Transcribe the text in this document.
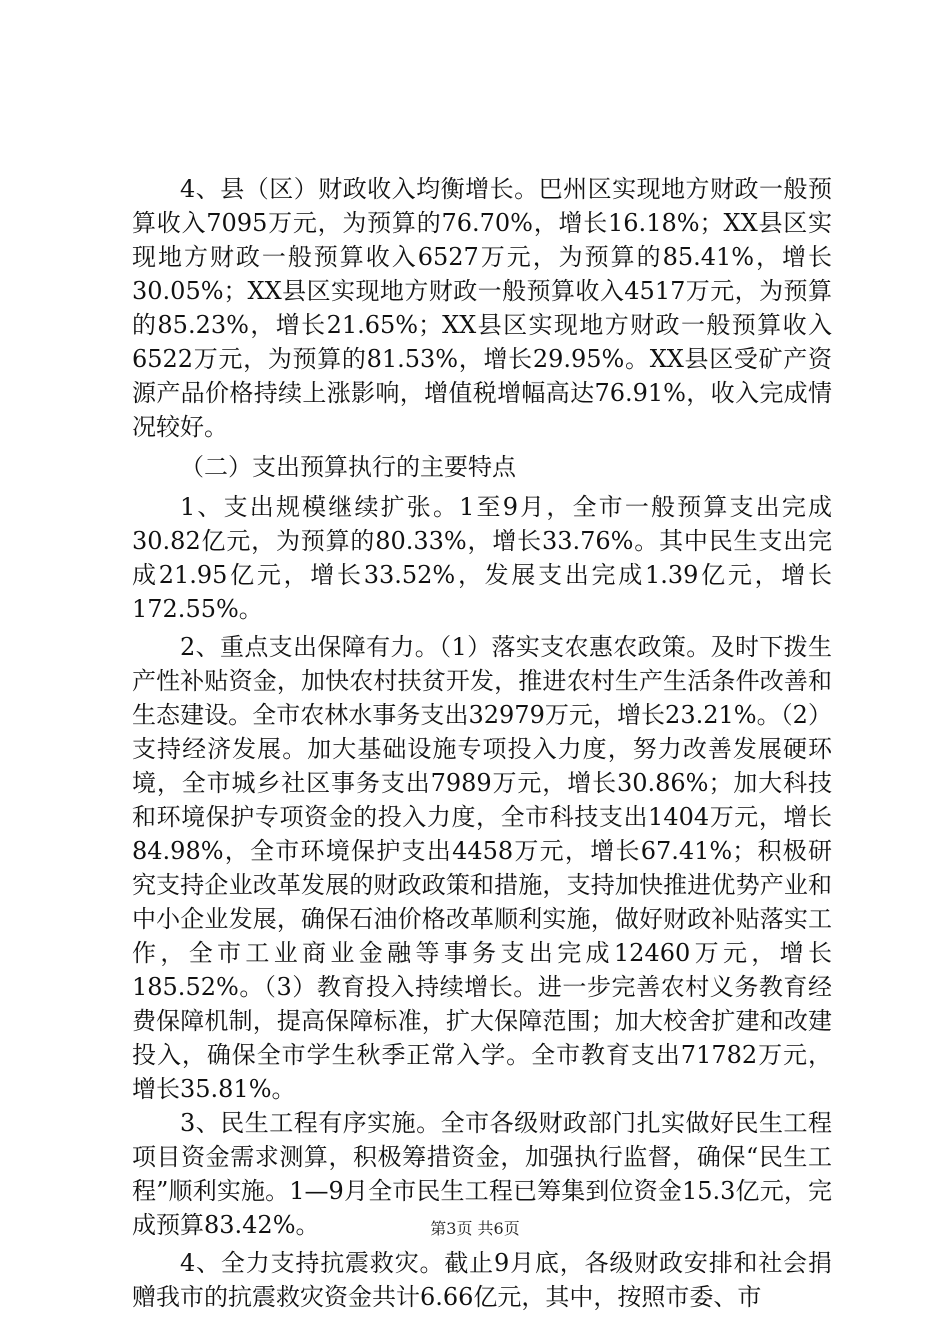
4、县（区）财政收入均衡增长。巴州区实现地方财政一般预算收入7095万元，为预算的76.70%，增长16.18%；XX县区实现地方财政一般预算收入6527万元，为预算的85.41%，增长30.05%；XX县区实现地方财政一般预算收入4517万元，为预算的85.23%，增长21.65%；XX县区实现地方财政一般预算收入6522万元，为预算的81.53%，增长29.95%。XX县区受矿产资源产品价格持续上涨影响，增值税增幅高达76.91%，收入完成情况较好。

（二）支出预算执行的主要特点

1、支出规模继续扩张。1至9月，全市一般预算支出完成30.82亿元，为预算的80.33%，增长33.76%。其中民生支出完成21.95亿元，增长33.52%，发展支出完成1.39亿元，增长172.55%。

2、重点支出保障有力。（1）落实支农惠农政策。及时下拨生产性补贴资金，加快农村扶贫开发，推进农村生产生活条件改善和生态建设。全市农林水事务支出32979万元，增长23.21%。（2）支持经济发展。加大基础设施专项投入力度，努力改善发展硬环境，全市城乡社区事务支出7989万元，增长30.86%；加大科技和环境保护专项资金的投入力度，全市科技支出1404万元，增长84.98%，全市环境保护支出4458万元，增长67.41%；积极研究支持企业改革发展的财政政策和措施，支持加快推进优势产业和中小企业发展，确保石油价格改革顺利实施，做好财政补贴落实工作，全市工业商业金融等事务支出完成12460万元，增长185.52%。（3）教育投入持续增长。进一步完善农村义务教育经费保障机制，提高保障标准，扩大保障范围；加大校舍扩建和改建投入，确保全市学生秋季正常入学。全市教育支出71782万元，增长35.81%。

3、民生工程有序实施。全市各级财政部门扎实做好民生工程项目资金需求测算，积极筹措资金，加强执行监督，确保“民生工程”顺利实施。1—9月全市民生工程已筹集到位资金15.3亿元，完成预算83.42%。

4、全力支持抗震救灾。截止9月底，各级财政安排和社会捐赠我市的抗震救灾资金共计6.66亿元，其中，按照市委、市

第3页 共6页
